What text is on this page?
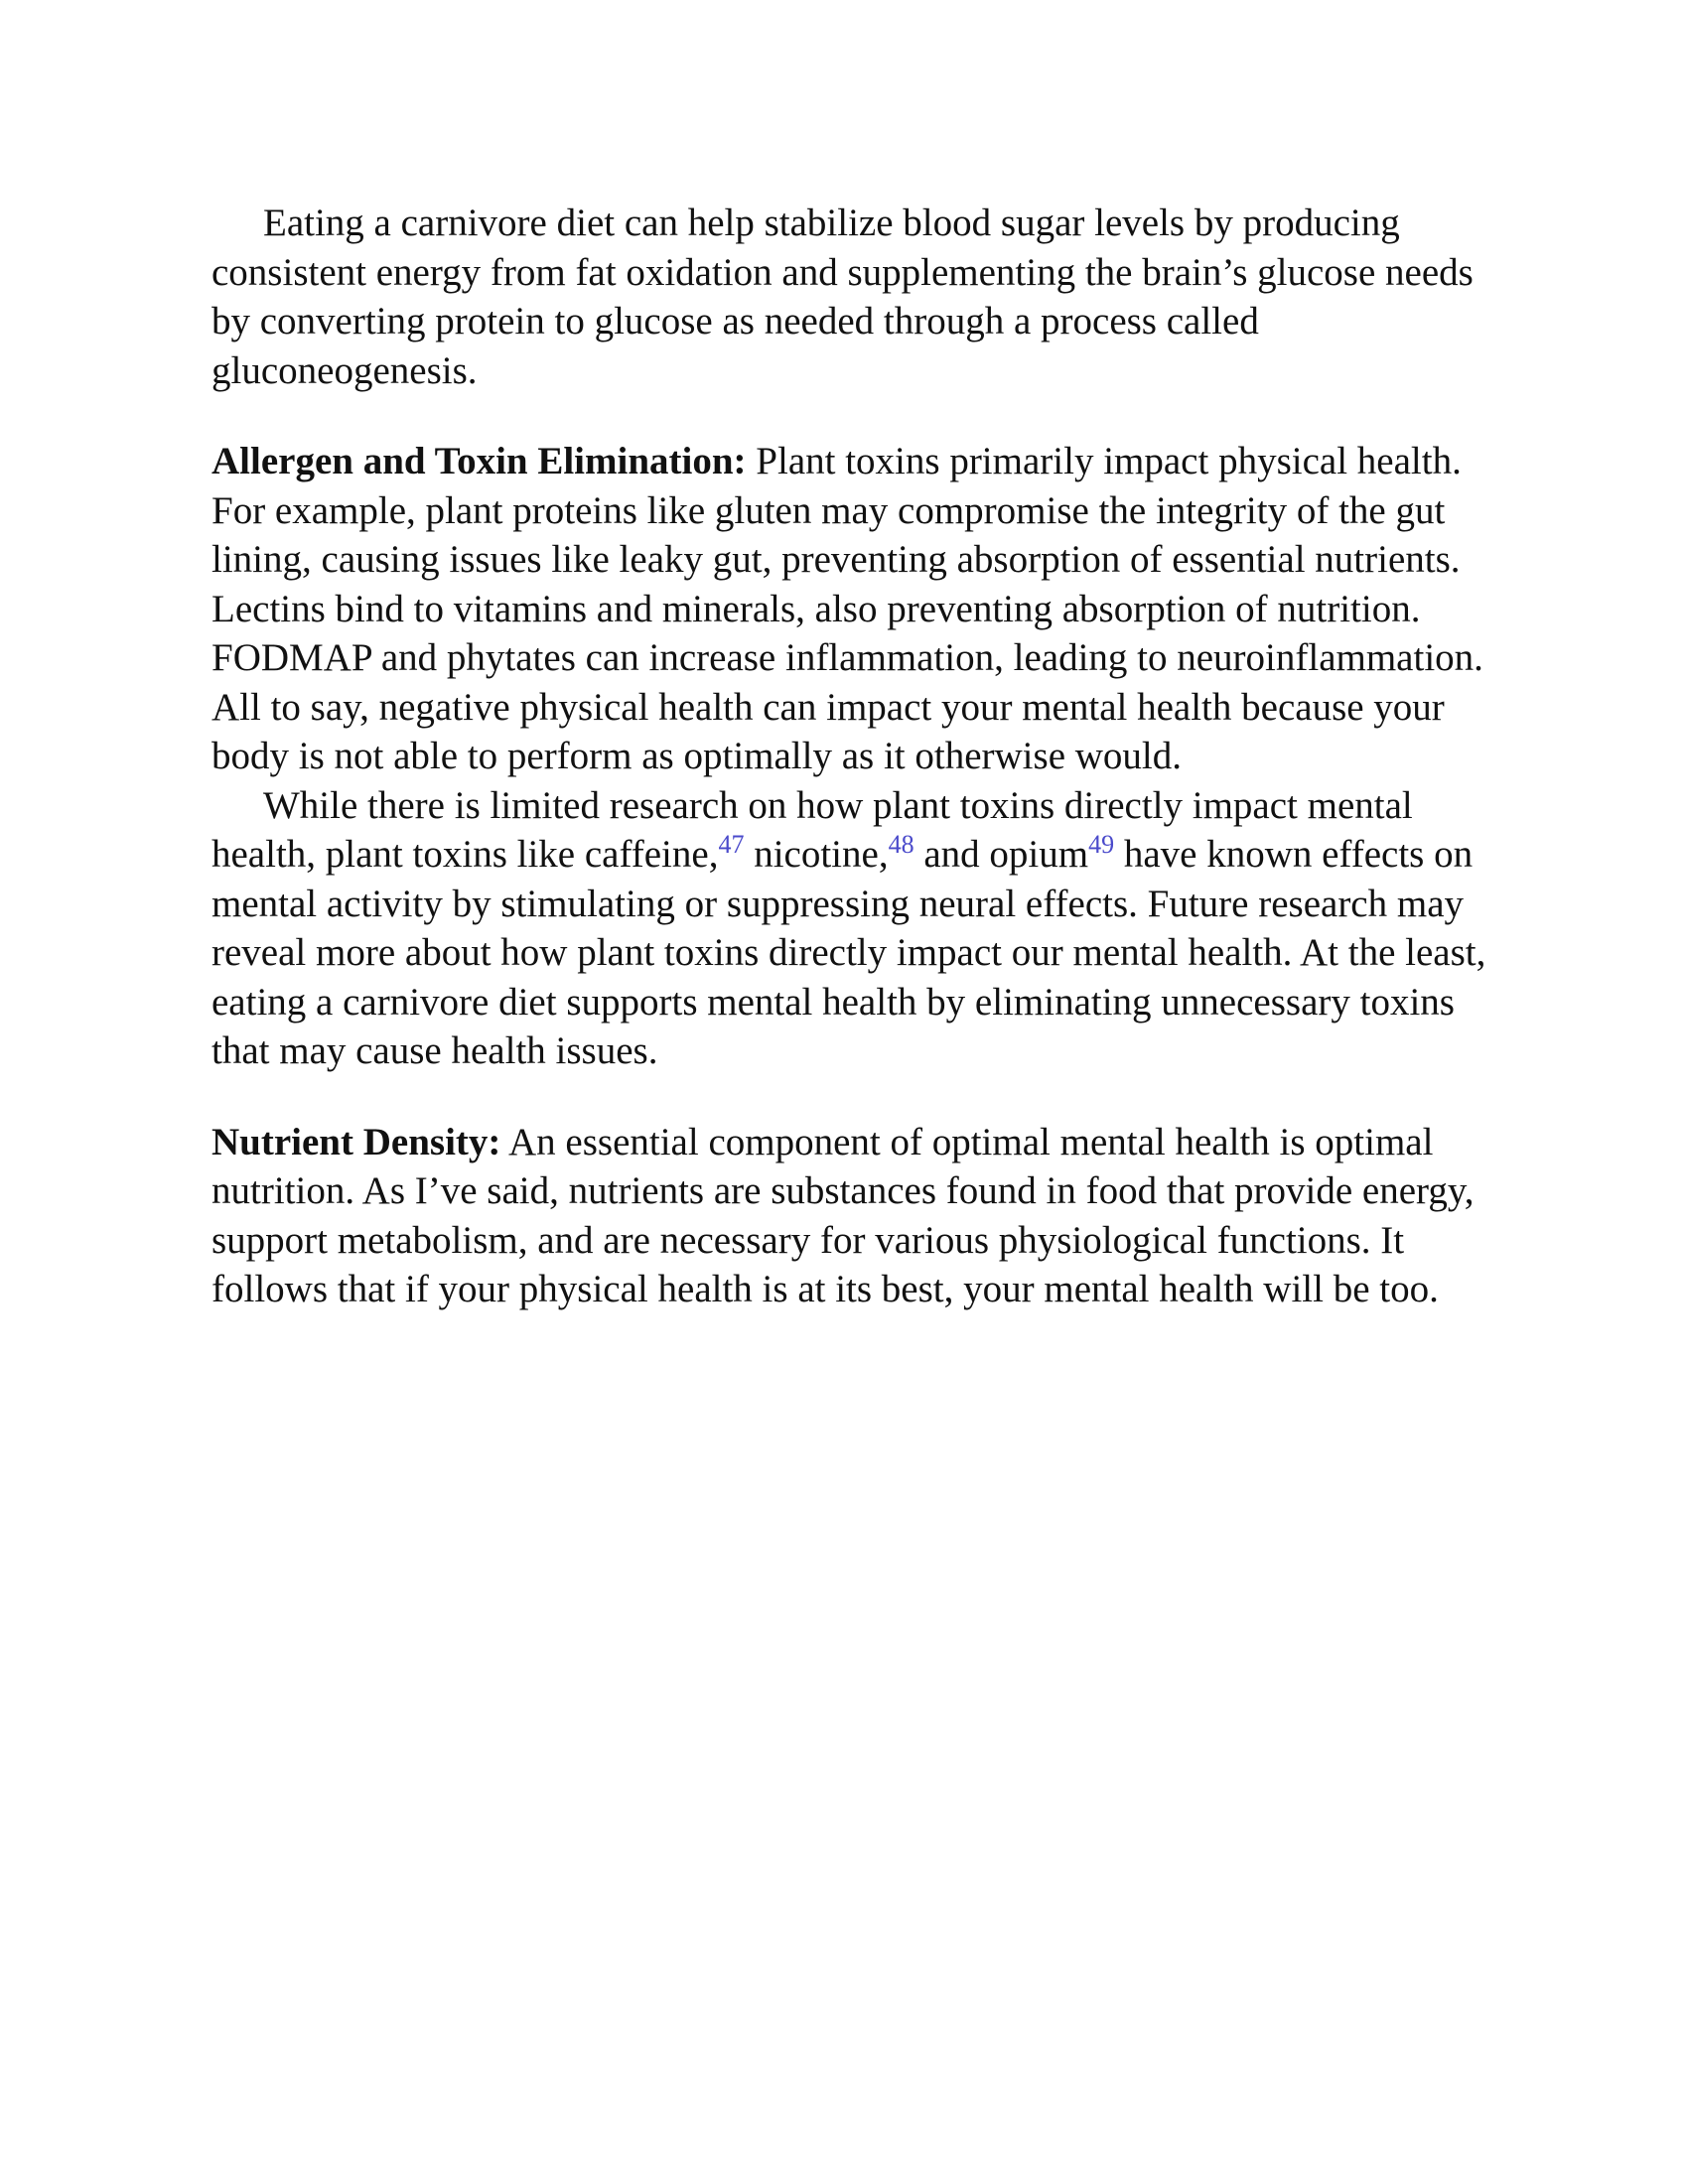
Eating a carnivore diet can help stabilize blood sugar levels by producing consistent energy from fat oxidation and supplementing the brain’s glucose needs by converting protein to glucose as needed through a process called gluconeogenesis.

Allergen and Toxin Elimination: Plant toxins primarily impact physical health. For example, plant proteins like gluten may compromise the integrity of the gut lining, causing issues like leaky gut, preventing absorption of essential nutrients. Lectins bind to vitamins and minerals, also preventing absorption of nutrition. FODMAP and phytates can increase inflammation, leading to neuroinflammation. All to say, negative physical health can impact your mental health because your body is not able to perform as optimally as it otherwise would.

While there is limited research on how plant toxins directly impact mental health, plant toxins like caffeine,$^{47}$ nicotine,$^{48}$ and opium$^{49}$ have known effects on mental activity by stimulating or suppressing neural effects. Future research may reveal more about how plant toxins directly impact our mental health. At the least, eating a carnivore diet supports mental health by eliminating unnecessary toxins that may cause health issues.

Nutrient Density: An essential component of optimal mental health is optimal nutrition. As I’ve said, nutrients are substances found in food that provide energy, support metabolism, and are necessary for various physiological functions. It follows that if your physical health is at its best, your mental health will be too.
